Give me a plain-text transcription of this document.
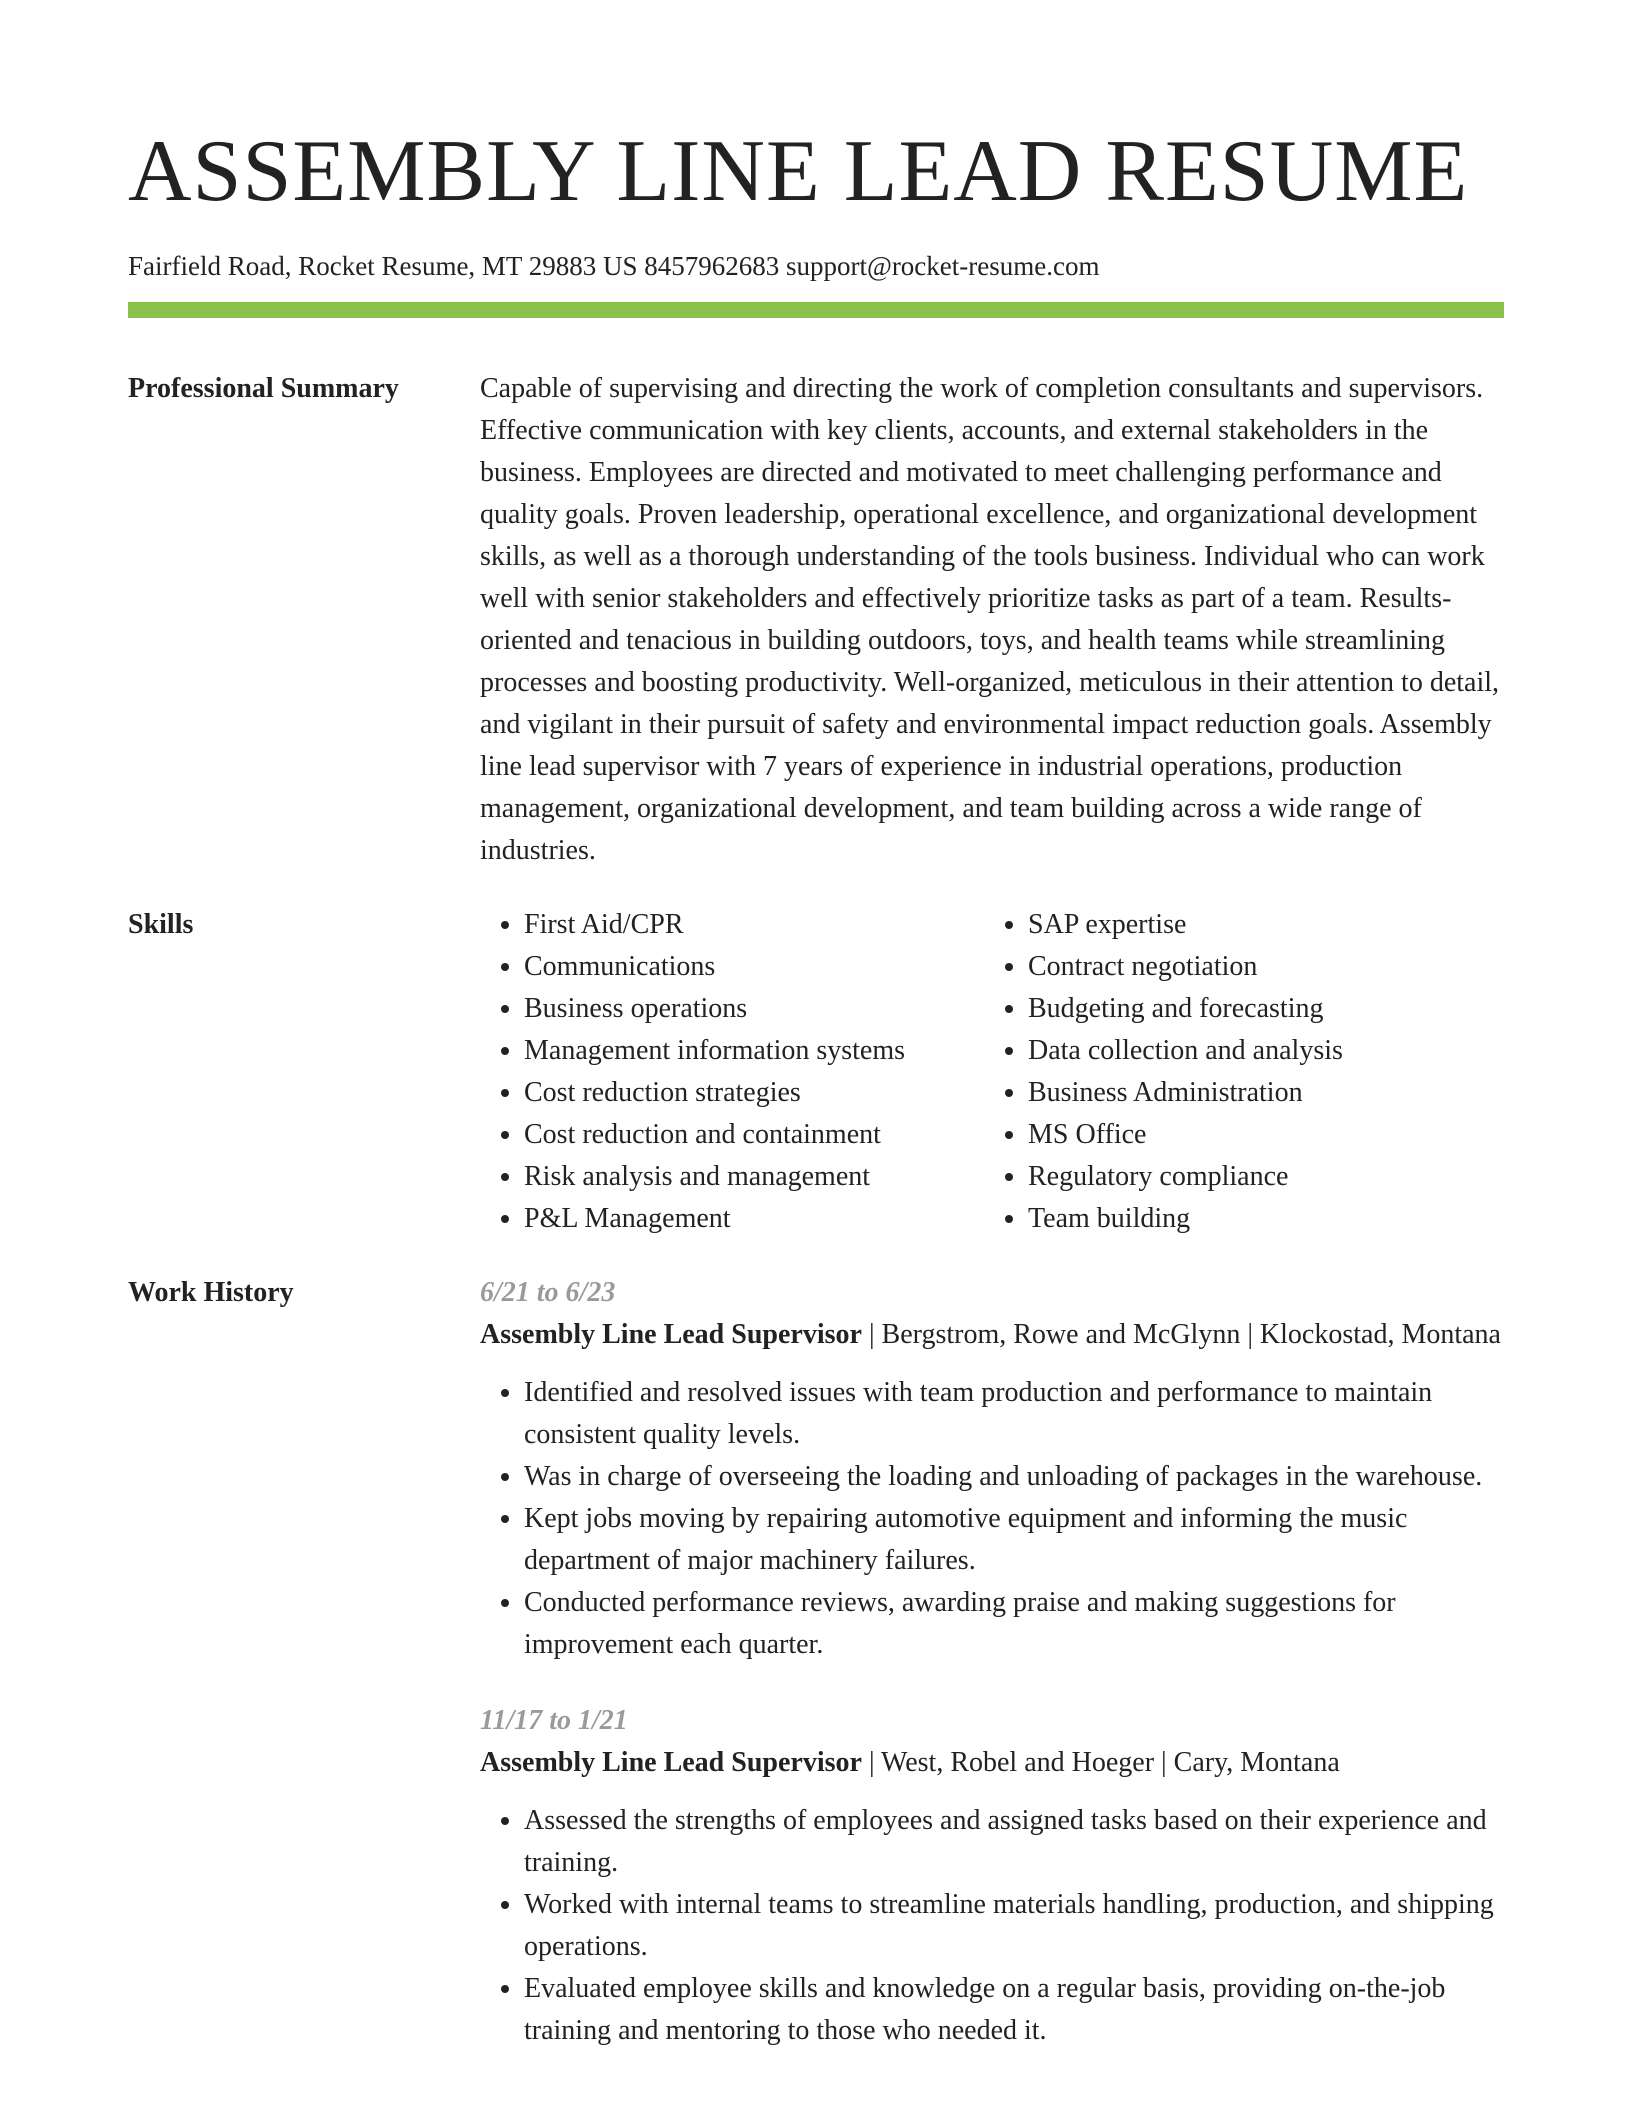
ASSEMBLY LINE LEAD RESUME
Fairfield Road, Rocket Resume, MT 29883 US 8457962683 support@rocket-resume.com
Professional Summary	Capable of supervising and directing the work of completion consultants and supervisors. Effective communication with key clients, accounts, and external stakeholders in the business. Employees are directed and motivated to meet challenging performance and quality goals. Proven leadership, operational excellence, and organizational development skills, as well as a thorough understanding of the tools business. Individual who can work well with senior stakeholders and effectively prioritize tasks as part of a team. Results-oriented and tenacious in building outdoors, toys, and health teams while streamlining processes and boosting productivity. Well-organized, meticulous in their attention to detail, and vigilant in their pursuit of safety and environmental impact reduction goals. Assembly line lead supervisor with 7 years of experience in industrial operations, production management, organizational development, and team building across a wide range of industries.
Skills
•	First Aid/CPR
• Communications
• Business operations
• Management information systems
• Cost reduction strategies
• Cost reduction and containment
• Risk analysis and management
• P&L Management
• SAP expertise
• Contract negotiation
• Budgeting and forecasting
• Data collection and analysis
• Business Administration
• MS Office
• Regulatory compliance
• Team building
Work History	6/21 to 6/23
Assembly Line Lead Supervisor | Bergstrom, Rowe and McGlynn | Klockostad, Montana
• Identified and resolved issues with team production and performance to maintain consistent quality levels.
• Was in charge of overseeing the loading and unloading of packages in the warehouse.
• Kept jobs moving by repairing automotive equipment and informing the music department of major machinery failures.
• Conducted performance reviews, awarding praise and making suggestions for improvement each quarter.
11/17 to 1/21
Assembly Line Lead Supervisor | West, Robel and Hoeger | Cary, Montana
• Assessed the strengths of employees and assigned tasks based on their experience and training.
• Worked with internal teams to streamline materials handling, production, and shipping operations.
• Evaluated employee skills and knowledge on a regular basis, providing on-the-job training and mentoring to those who needed it.
